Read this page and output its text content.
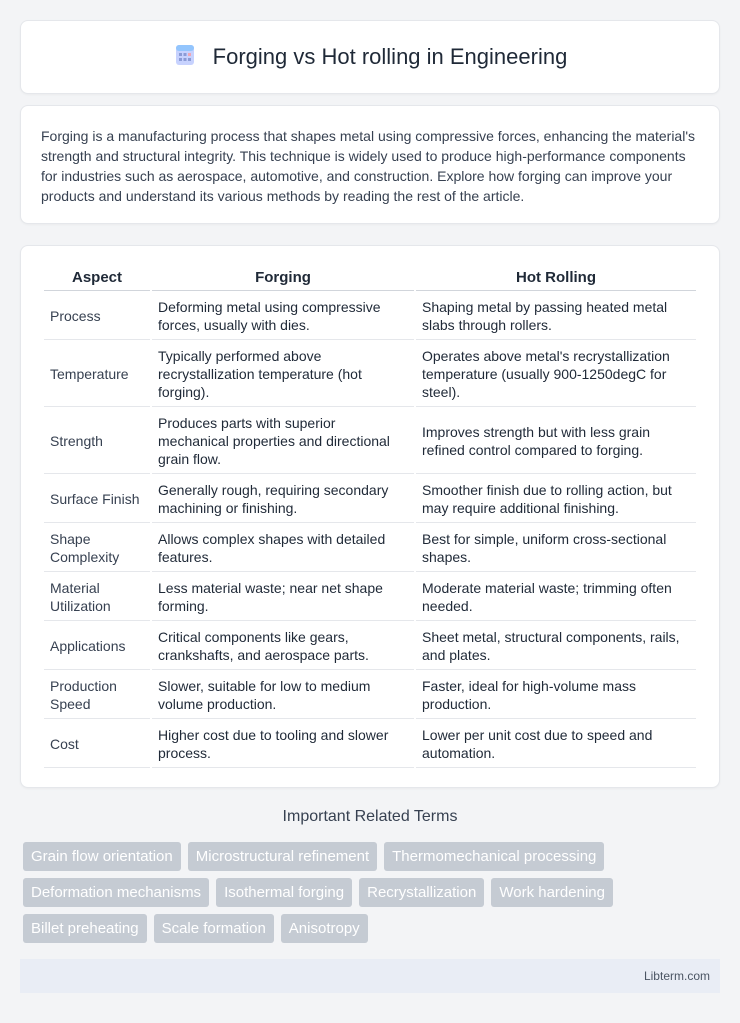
Forging vs Hot rolling in Engineering

Forging is a manufacturing process that shapes metal using compressive forces, enhancing the material's strength and structural integrity. This technique is widely used to produce high-performance components for industries such as aerospace, automotive, and construction. Explore how forging can improve your products and understand its various methods by reading the rest of the article.

Aspect	Forging	Hot Rolling
Process	Deforming metal using compressive forces, usually with dies.	Shaping metal by passing heated metal slabs through rollers.
Temperature	Typically performed above recrystallization temperature (hot forging).	Operates above metal's recrystallization temperature (usually 900-1250degC for steel).
Strength	Produces parts with superior mechanical properties and directional grain flow.	Improves strength but with less grain refined control compared to forging.
Surface Finish	Generally rough, requiring secondary machining or finishing.	Smoother finish due to rolling action, but may require additional finishing.
Shape Complexity	Allows complex shapes with detailed features.	Best for simple, uniform cross-sectional shapes.
Material Utilization	Less material waste; near net shape forming.	Moderate material waste; trimming often needed.
Applications	Critical components like gears, crankshafts, and aerospace parts.	Sheet metal, structural components, rails, and plates.
Production Speed	Slower, suitable for low to medium volume production.	Faster, ideal for high-volume mass production.
Cost	Higher cost due to tooling and slower process.	Lower per unit cost due to speed and automation.
Important Related Terms
Grain flow orientation	Microstructural refinement	Thermomechanical processing
Deformation mechanisms	Isothermal forging	Recrystallization	Work hardening
Billet preheating	Scale formation	Anisotropy
Libterm.com
